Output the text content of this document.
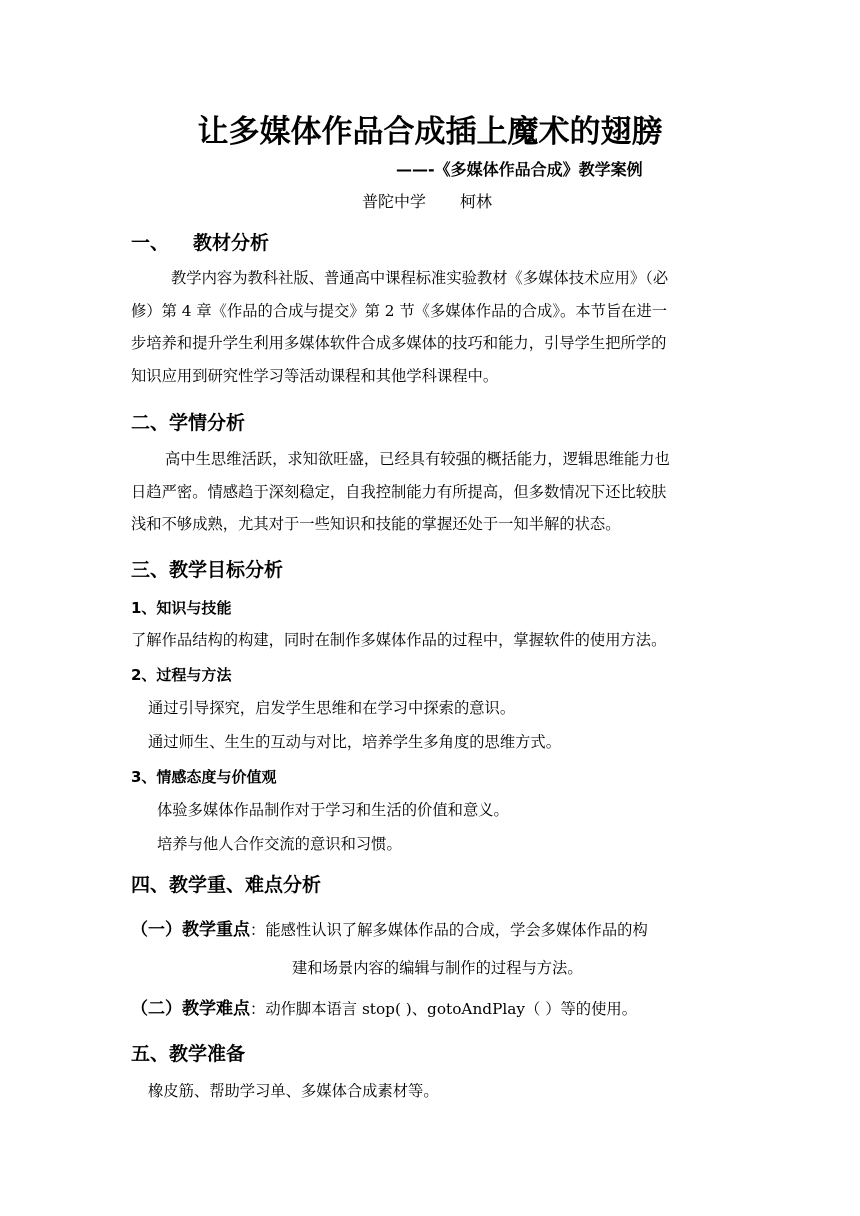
让多媒体作品合成插上魔术的翅膀
——-《多媒体作品合成》教学案例
普陀中学 柯林
一、 教材分析
教学内容为教科社版、普通高中课程标准实验教材《多媒体技术应用》（必
修）第 4 章《作品的合成与提交》第 2 节《多媒体作品的合成》。本节旨在进一
步培养和提升学生利用多媒体软件合成多媒体的技巧和能力，引导学生把所学的
知识应用到研究性学习等活动课程和其他学科课程中。
二、学情分析
高中生思维活跃，求知欲旺盛，已经具有较强的概括能力，逻辑思维能力也
日趋严密。情感趋于深刻稳定，自我控制能力有所提高，但多数情况下还比较肤
浅和不够成熟，尤其对于一些知识和技能的掌握还处于一知半解的状态。
三、教学目标分析
1、知识与技能
了解作品结构的构建，同时在制作多媒体作品的过程中，掌握软件的使用方法。
2、过程与方法
通过引导探究，启发学生思维和在学习中探索的意识。
通过师生、生生的互动与对比，培养学生多角度的思维方式。
3、情感态度与价值观
体验多媒体作品制作对于学习和生活的价值和意义。
培养与他人合作交流的意识和习惯。
四、教学重、难点分析
（一）教学重点：能感性认识了解多媒体作品的合成，学会多媒体作品的构
建和场景内容的编辑与制作的过程与方法。
（二）教学难点：动作脚本语言 stop( )、gotoAndPlay（ ）等的使用。
五、教学准备
橡皮筋、帮助学习单、多媒体合成素材等。
